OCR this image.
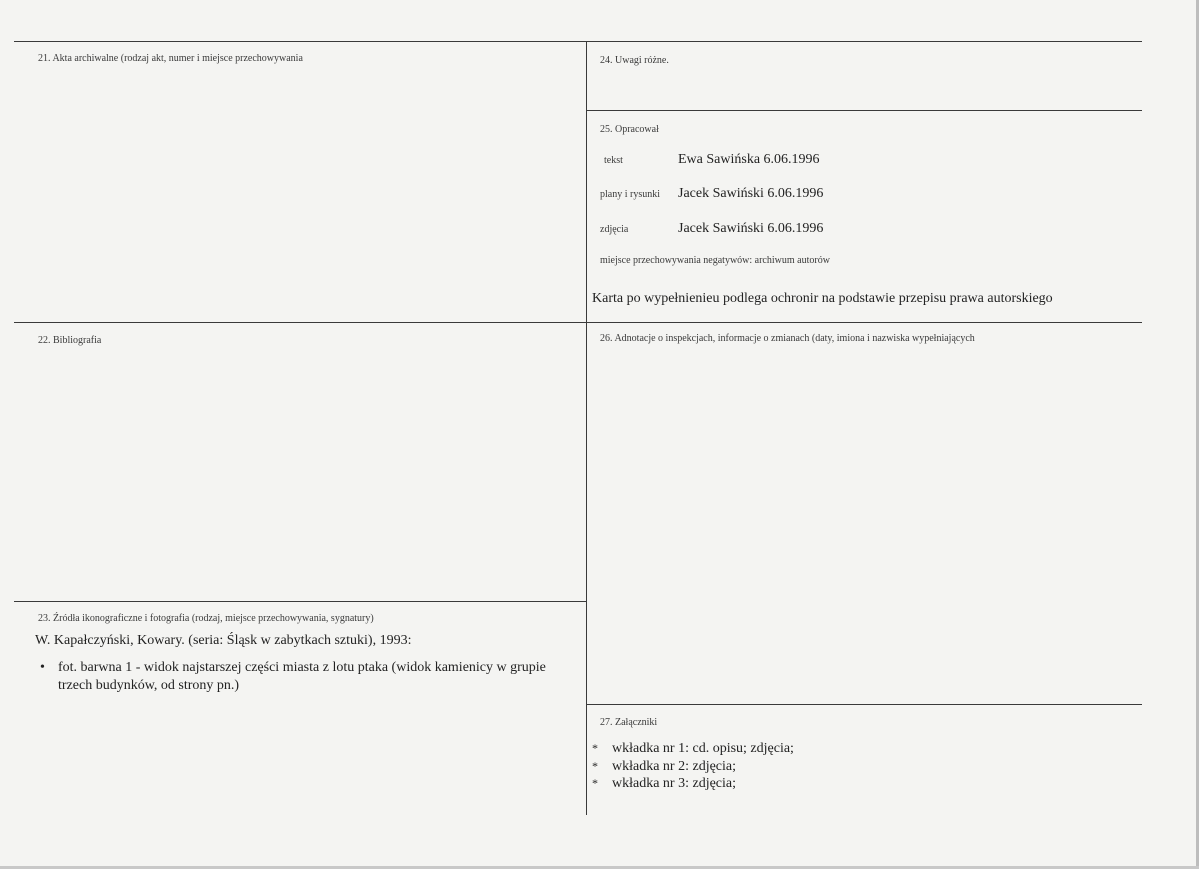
21. Akta archiwalne (rodzaj akt, numer i miejsce przechowywania
22. Bibliografia
23. Źródła ikonograficzne i fotografia (rodzaj, miejsce przechowywania, sygnatury)
W. Kapałczyński, Kowary. (seria: Śląsk w zabytkach sztuki), 1993:
• fot. barwna 1 - widok najstarszej części miasta z lotu ptaka (widok kamienicy w grupie
trzech budynków, od strony pn.)
24. Uwagi różne.
25. Opracował
tekst	Ewa Sawińska 6.06.1996
plany i rysunki	Jacek Sawiński 6.06.1996
zdjęcia	Jacek Sawiński 6.06.1996
miejsce przechowywania negatywów: archiwum autorów
Karta po wypełnienieu podlega ochronir na podstawie przepisu prawa autorskiego
26. Adnotacje o inspekcjach, informacje o zmianach (daty, imiona i nazwiska wypełniających
27. Załączniki
* wkładka nr 1: cd. opisu; zdjęcia;
* wkładka nr 2: zdjęcia;
* wkładka nr 3: zdjęcia;
